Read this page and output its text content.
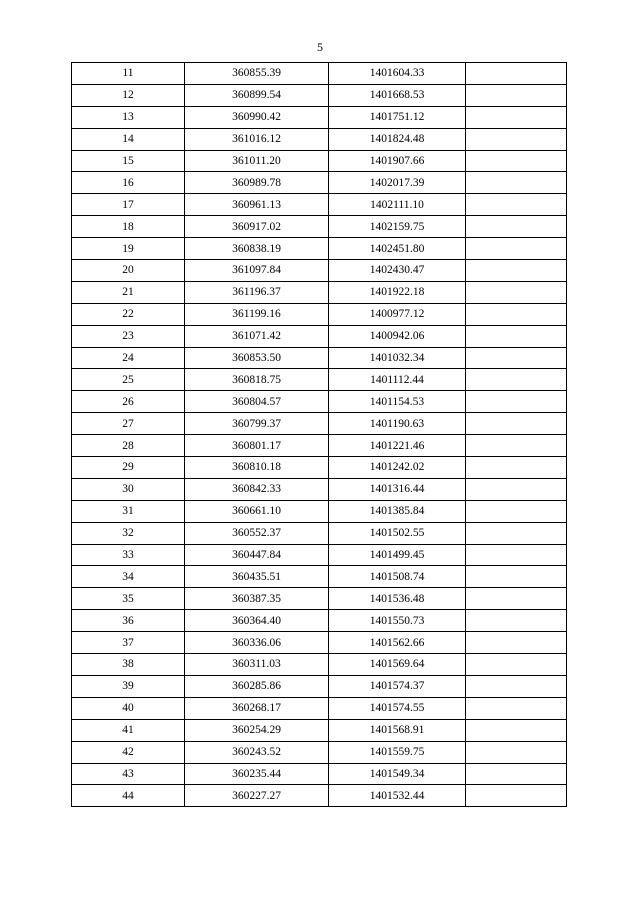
5
11	360855.39	1401604.33	
12	360899.54	1401668.53	
13	360990.42	1401751.12	
14	361016.12	1401824.48	
15	361011.20	1401907.66	
16	360989.78	1402017.39	
17	360961.13	1402111.10	
18	360917.02	1402159.75	
19	360838.19	1402451.80	
20	361097.84	1402430.47	
21	361196.37	1401922.18	
22	361199.16	1400977.12	
23	361071.42	1400942.06	
24	360853.50	1401032.34	
25	360818.75	1401112.44	
26	360804.57	1401154.53	
27	360799.37	1401190.63	
28	360801.17	1401221.46	
29	360810.18	1401242.02	
30	360842.33	1401316.44	
31	360661.10	1401385.84	
32	360552.37	1401502.55	
33	360447.84	1401499.45	
34	360435.51	1401508.74	
35	360387.35	1401536.48	
36	360364.40	1401550.73	
37	360336.06	1401562.66	
38	360311.03	1401569.64	
39	360285.86	1401574.37	
40	360268.17	1401574.55	
41	360254.29	1401568.91	
42	360243.52	1401559.75	
43	360235.44	1401549.34	
44	360227.27	1401532.44	
